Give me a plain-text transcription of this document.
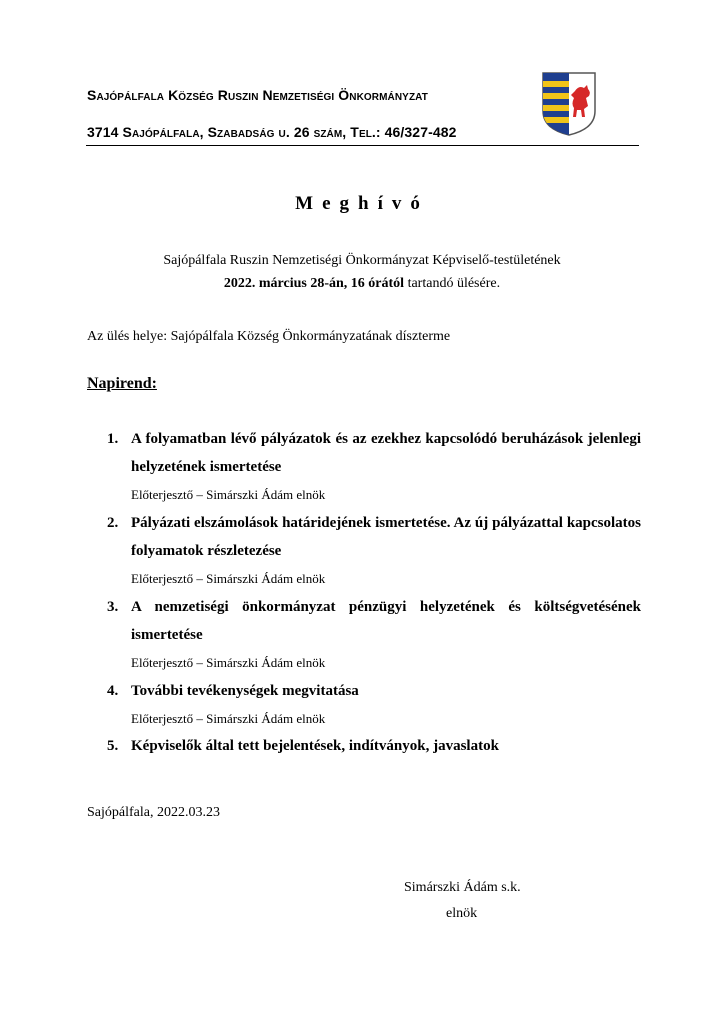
Sajópálfala Község Ruszin Nemzetiségi Önkormányzat
3714 Sajópálfala, Szabadság u. 26 szám, Tel.: 46/327-482
Meghívó
Sajópálfala Ruszin Nemzetiségi Önkormányzat Képviselő-testületének
2022. március 28-án, 16 órától tartandó ülésére.
Az ülés helye: Sajópálfala Község Önkormányzatának díszterme
Napirend:
1. A folyamatban lévő pályázatok és az ezekhez kapcsolódó beruházások jelenlegi helyzetének ismertetése
Előterjesztő – Simárszki Ádám elnök
2. Pályázati elszámolások határidejének ismertetése. Az új pályázattal kapcsolatos folyamatok részletezése
Előterjesztő – Simárszki Ádám elnök
3. A nemzetiségi önkormányzat pénzügyi helyzetének és költségvetésének ismertetése
Előterjesztő – Simárszki Ádám elnök
4. További tevékenységek megvitatása
Előterjesztő – Simárszki Ádám elnök
5. Képviselők által tett bejelentések, indítványok, javaslatok
Sajópálfala, 2022.03.23
Simárszki Ádám s.k.
elnök
